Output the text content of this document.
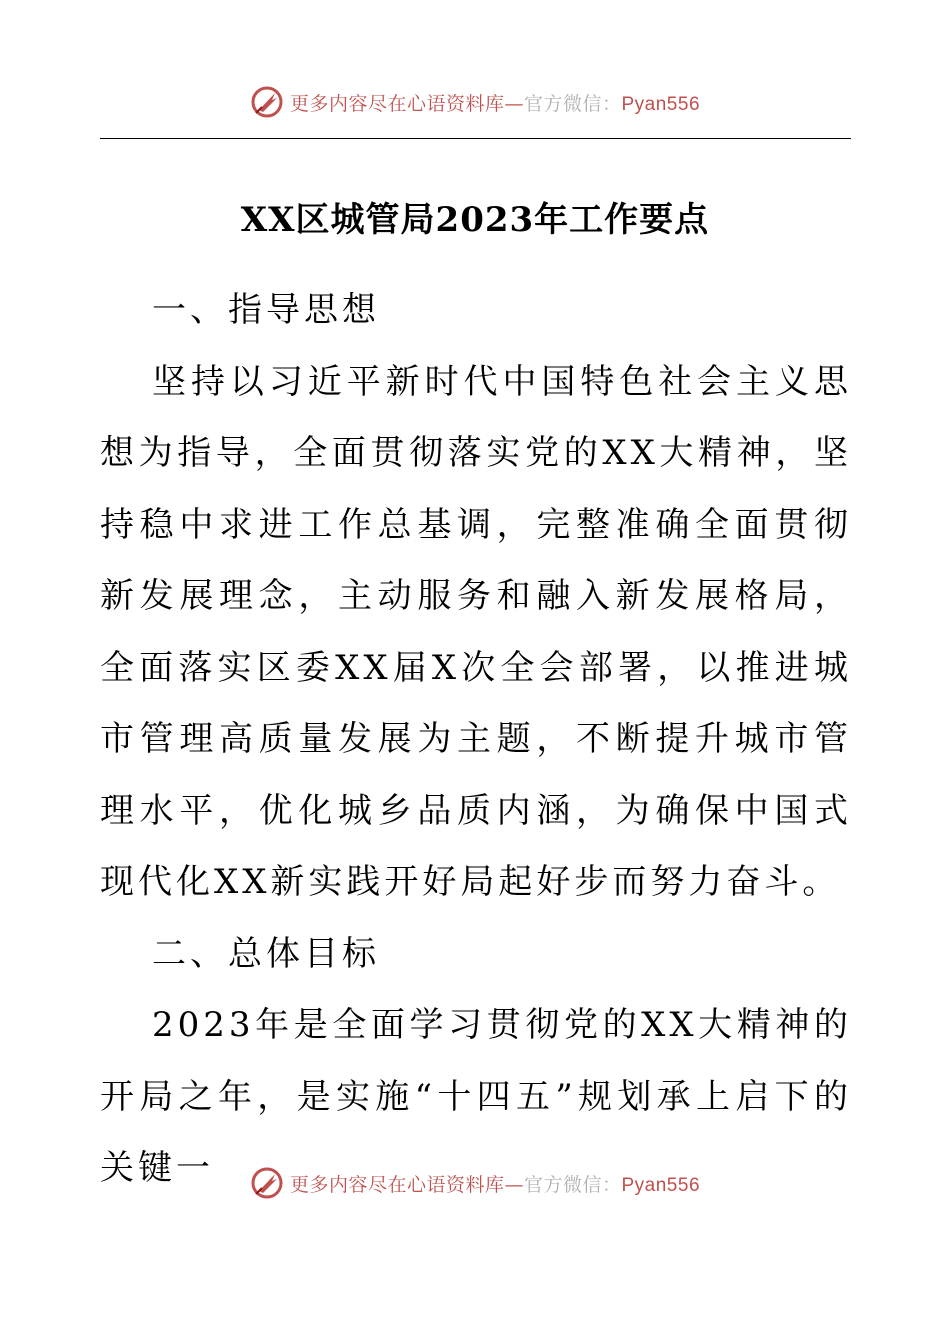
更多内容尽在心语资料库—官方微信：Pyan556
XX区城管局2023年工作要点

一、指导思想

坚持以习近平新时代中国特色社会主义思想为指导，全面贯彻落实党的XX大精神，坚持稳中求进工作总基调，完整准确全面贯彻新发展理念，主动服务和融入新发展格局，全面落实区委XX届X次全会部署，以推进城市管理高质量发展为主题，不断提升城市管理水平，优化城乡品质内涵，为确保中国式现代化XX新实践开好局起好步而努力奋斗。

二、总体目标

2023年是全面学习贯彻党的XX大精神的开局之年，是实施“十四五”规划承上启下的关键一	更多内容尽在心语资料库—官方微信：Pyan556
